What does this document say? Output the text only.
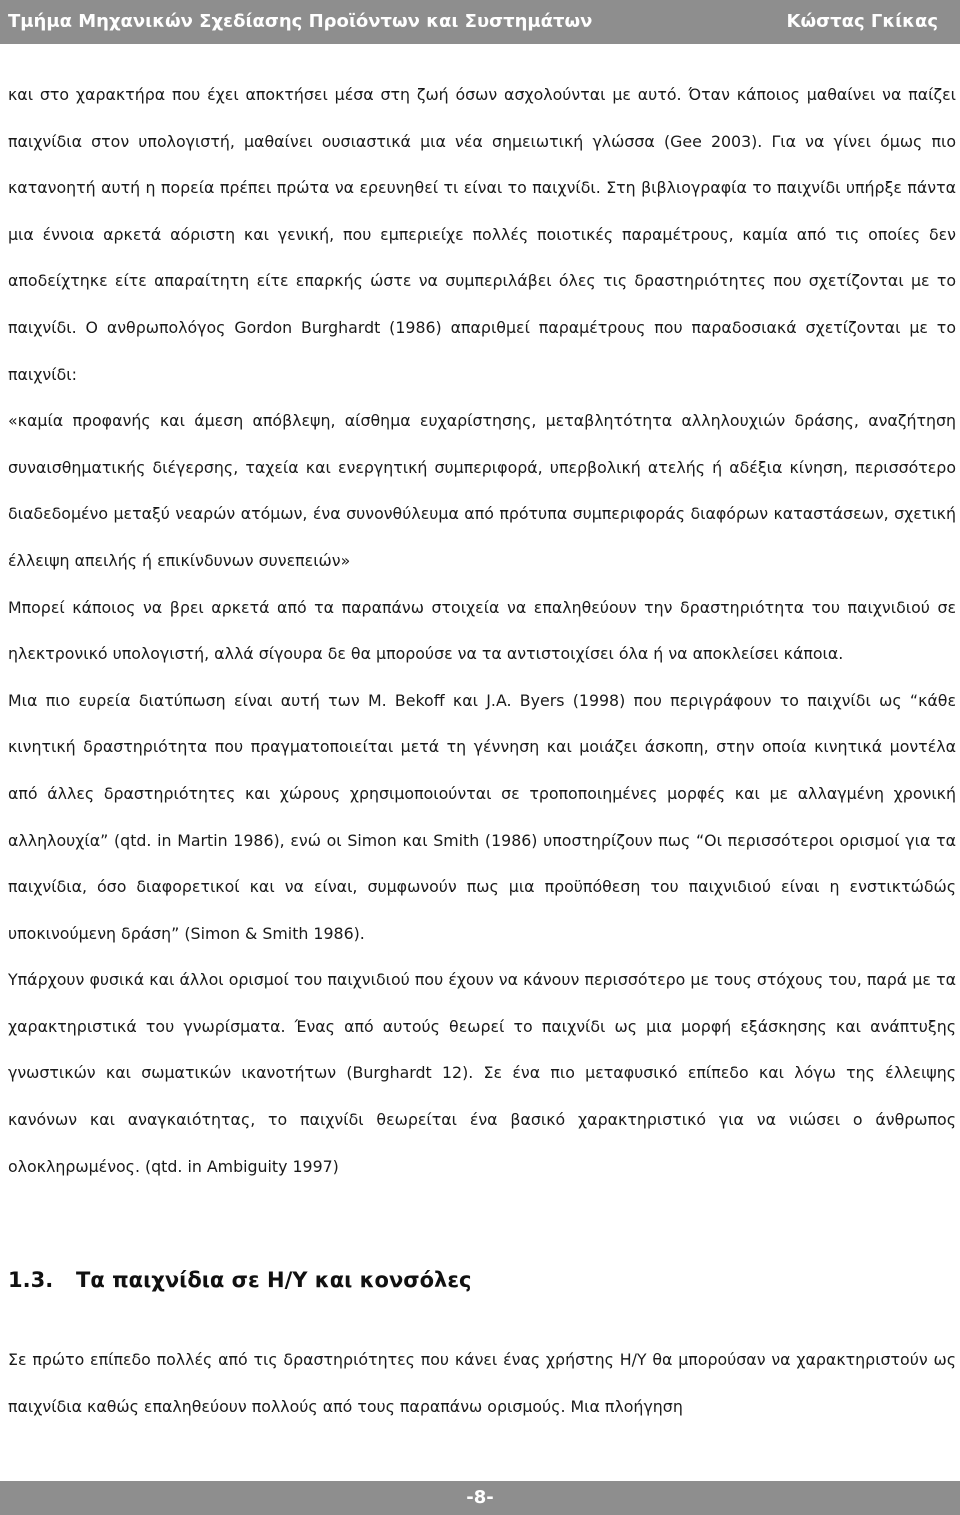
Τμήμα Μηχανικών Σχεδίασης Προϊόντων και Συστημάτων	Κώστας Γκίκας

και στο χαρακτήρα που έχει αποκτήσει μέσα στη ζωή όσων ασχολούνται με αυτό. Όταν κάποιος μαθαίνει να παίζει παιχνίδια στον υπολογιστή, μαθαίνει ουσιαστικά μια νέα σημειωτική γλώσσα (Gee 2003). Για να γίνει όμως πιο κατανοητή αυτή η πορεία πρέπει πρώτα να ερευνηθεί τι είναι το παιχνίδι. Στη βιβλιογραφία το παιχνίδι υπήρξε πάντα μια έννοια αρκετά αόριστη και γενική, που εμπεριείχε πολλές ποιοτικές παραμέτρους, καμία από τις οποίες δεν αποδείχτηκε είτε απαραίτητη είτε επαρκής ώστε να συμπεριλάβει όλες τις δραστηριότητες που σχετίζονται με το παιχνίδι. Ο ανθρωπολόγος Gordon Burghardt (1986) απαριθμεί παραμέτρους που παραδοσιακά σχετίζονται με το παιχνίδι:

«καμία προφανής και άμεση απόβλεψη, αίσθημα ευχαρίστησης, μεταβλητότητα αλληλουχιών δράσης, αναζήτηση συναισθηματικής διέγερσης, ταχεία και ενεργητική συμπεριφορά, υπερβολική ατελής ή αδέξια κίνηση, περισσότερο διαδεδομένο μεταξύ νεαρών ατόμων, ένα συνονθύλευμα από πρότυπα συμπεριφοράς διαφόρων καταστάσεων, σχετική έλλειψη απειλής ή επικίνδυνων συνεπειών»

Μπορεί κάποιος να βρει αρκετά από τα παραπάνω στοιχεία να επαληθεύουν την δραστηριότητα του παιχνιδιού σε ηλεκτρονικό υπολογιστή, αλλά σίγουρα δε θα μπορούσε να τα αντιστοιχίσει όλα ή να αποκλείσει κάποια.

Μια πιο ευρεία διατύπωση είναι αυτή των M. Bekoff και J.A. Byers (1998) που περιγράφουν το παιχνίδι ως “κάθε κινητική δραστηριότητα που πραγματοποιείται μετά τη γέννηση και μοιάζει άσκοπη, στην οποία κινητικά μοντέλα από άλλες δραστηριότητες και χώρους χρησιμοποιούνται σε τροποποιημένες μορφές και με αλλαγμένη χρονική αλληλουχία” (qtd. in Martin 1986), ενώ οι Simon και Smith (1986) υποστηρίζουν πως “Οι περισσότεροι ορισμοί για τα παιχνίδια, όσο διαφορετικοί και να είναι, συμφωνούν πως μια προϋπόθεση του παιχνιδιού είναι η ενστικτώδώς υποκινούμενη δράση” (Simon & Smith 1986).

Υπάρχουν φυσικά και άλλοι ορισμοί του παιχνιδιού που έχουν να κάνουν περισσότερο με τους στόχους του, παρά με τα χαρακτηριστικά του γνωρίσματα. Ένας από αυτούς θεωρεί το παιχνίδι ως μια μορφή εξάσκησης και ανάπτυξης γνωστικών και σωματικών ικανοτήτων (Burghardt 12). Σε ένα πιο μεταφυσικό επίπεδο και λόγω της έλλειψης κανόνων και αναγκαιότητας, το παιχνίδι θεωρείται ένα βασικό χαρακτηριστικό για να νιώσει ο άνθρωπος ολοκληρωμένος. (qtd. in Ambiguity 1997)

1.3. Τα παιχνίδια σε Η/Υ και κονσόλες

Σε πρώτο επίπεδο πολλές από τις δραστηριότητες που κάνει ένας χρήστης Η/Υ θα μπορούσαν να χαρακτηριστούν ως παιχνίδια καθώς επαληθεύουν πολλούς από τους παραπάνω ορισμούς. Μια πλοήγηση

-8-
